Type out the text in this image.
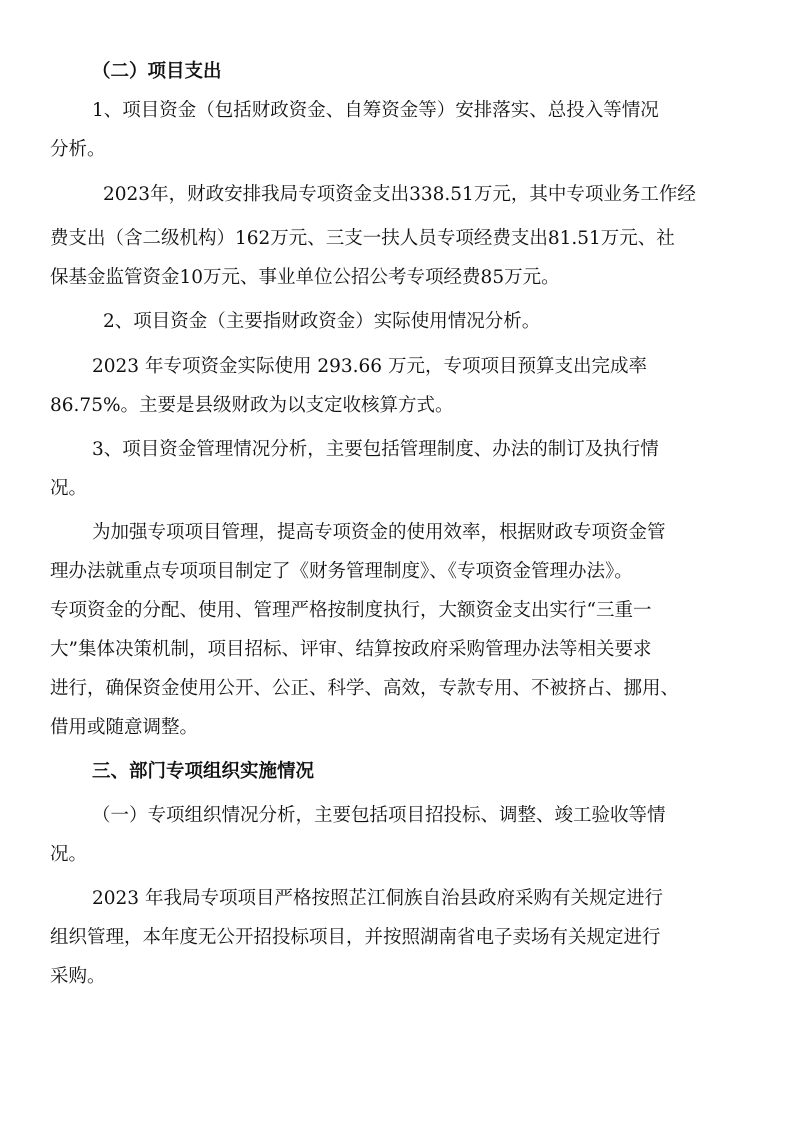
（二）项目支出
1、项目资金（包括财政资金、自筹资金等）安排落实、总投入等情况
分析。
2023年，财政安排我局专项资金支出338.51万元，其中专项业务工作经
费支出（含二级机构）162万元、三支一扶人员专项经费支出81.51万元、社
保基金监管资金10万元、事业单位公招公考专项经费85万元。
2、项目资金（主要指财政资金）实际使用情况分析。
2023 年专项资金实际使用 293.66 万元，专项项目预算支出完成率
86.75%。主要是县级财政为以支定收核算方式。
3、项目资金管理情况分析，主要包括管理制度、办法的制订及执行情
况。
为加强专项项目管理，提高专项资金的使用效率，根据财政专项资金管
理办法就重点专项项目制定了《财务管理制度》、《专项资金管理办法》。
专项资金的分配、使用、管理严格按制度执行，大额资金支出实行“三重一
大”集体决策机制，项目招标、评审、结算按政府采购管理办法等相关要求
进行，确保资金使用公开、公正、科学、高效，专款专用、不被挤占、挪用、
借用或随意调整。
三、部门专项组织实施情况
（一）专项组织情况分析，主要包括项目招投标、调整、竣工验收等情
况。
2023 年我局专项项目严格按照芷江侗族自治县政府采购有关规定进行
组织管理，本年度无公开招投标项目，并按照湖南省电子卖场有关规定进行
采购。
